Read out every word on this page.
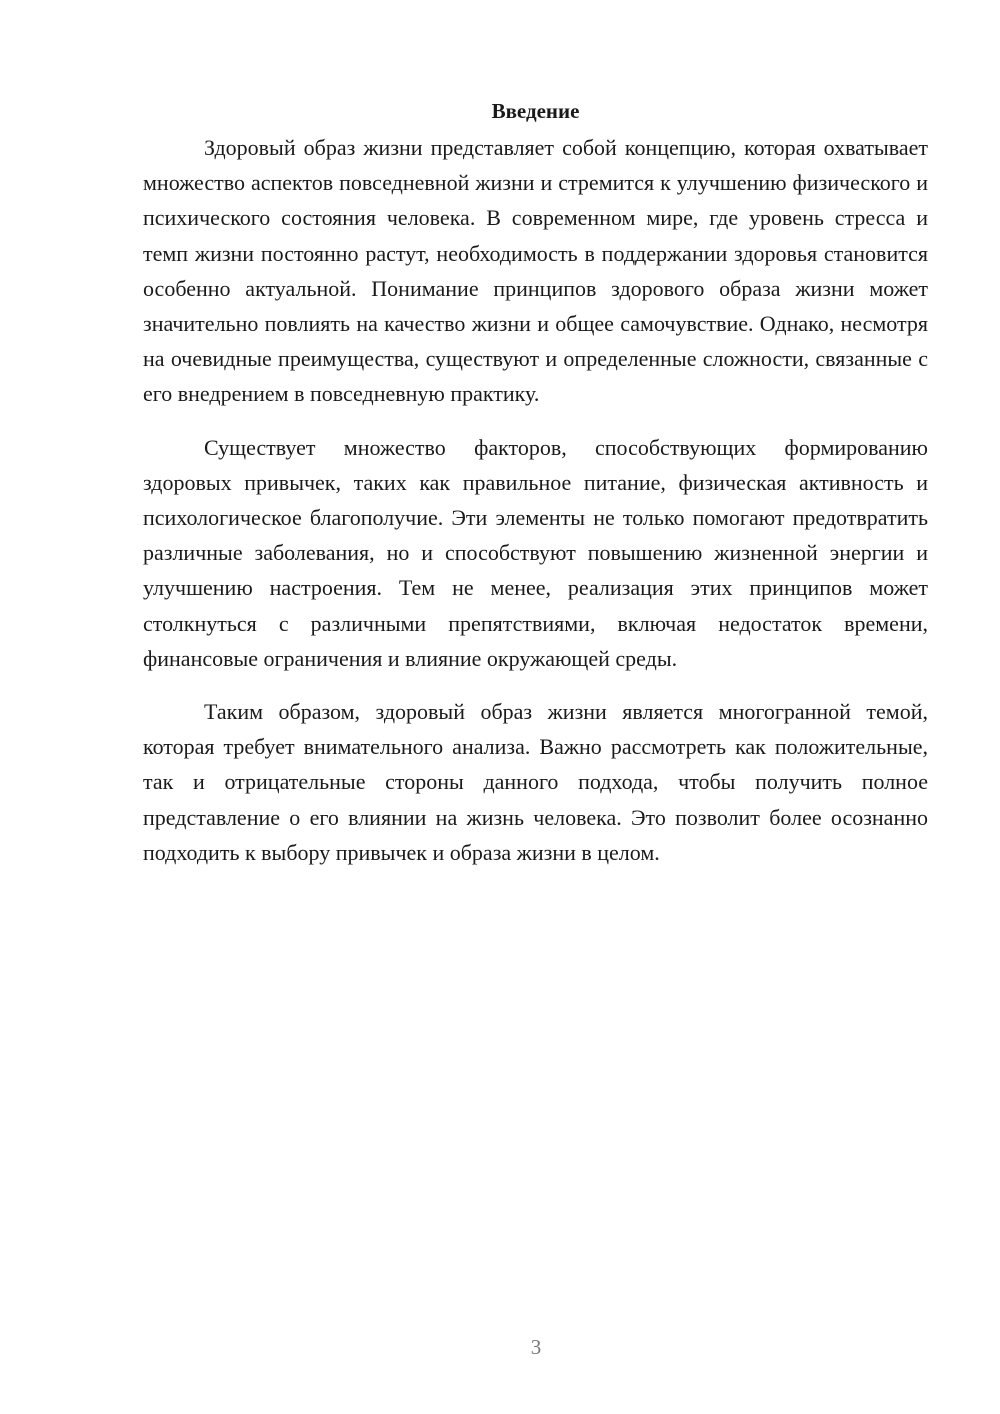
Введение

Здоровый образ жизни представляет собой концепцию, которая охватывает множество аспектов повседневной жизни и стремится к улучшению физического и психического состояния человека. В современном мире, где уровень стресса и темп жизни постоянно растут, необходимость в поддержании здоровья становится особенно актуальной. Понимание принципов здорового образа жизни может значительно повлиять на качество жизни и общее самочувствие. Однако, несмотря на очевидные преимущества, существуют и определенные сложности, связанные с его внедрением в повседневную практику.

Существует множество факторов, способствующих формированию здоровых привычек, таких как правильное питание, физическая активность и психологическое благополучие. Эти элементы не только помогают предотвратить различные заболевания, но и способствуют повышению жизненной энергии и улучшению настроения. Тем не менее, реализация этих принципов может столкнуться с различными препятствиями, включая недостаток времени, финансовые ограничения и влияние окружающей среды.

Таким образом, здоровый образ жизни является многогранной темой, которая требует внимательного анализа. Важно рассмотреть как положительные, так и отрицательные стороны данного подхода, чтобы получить полное представление о его влиянии на жизнь человека. Это позволит более осознанно подходить к выбору привычек и образа жизни в целом.

3
